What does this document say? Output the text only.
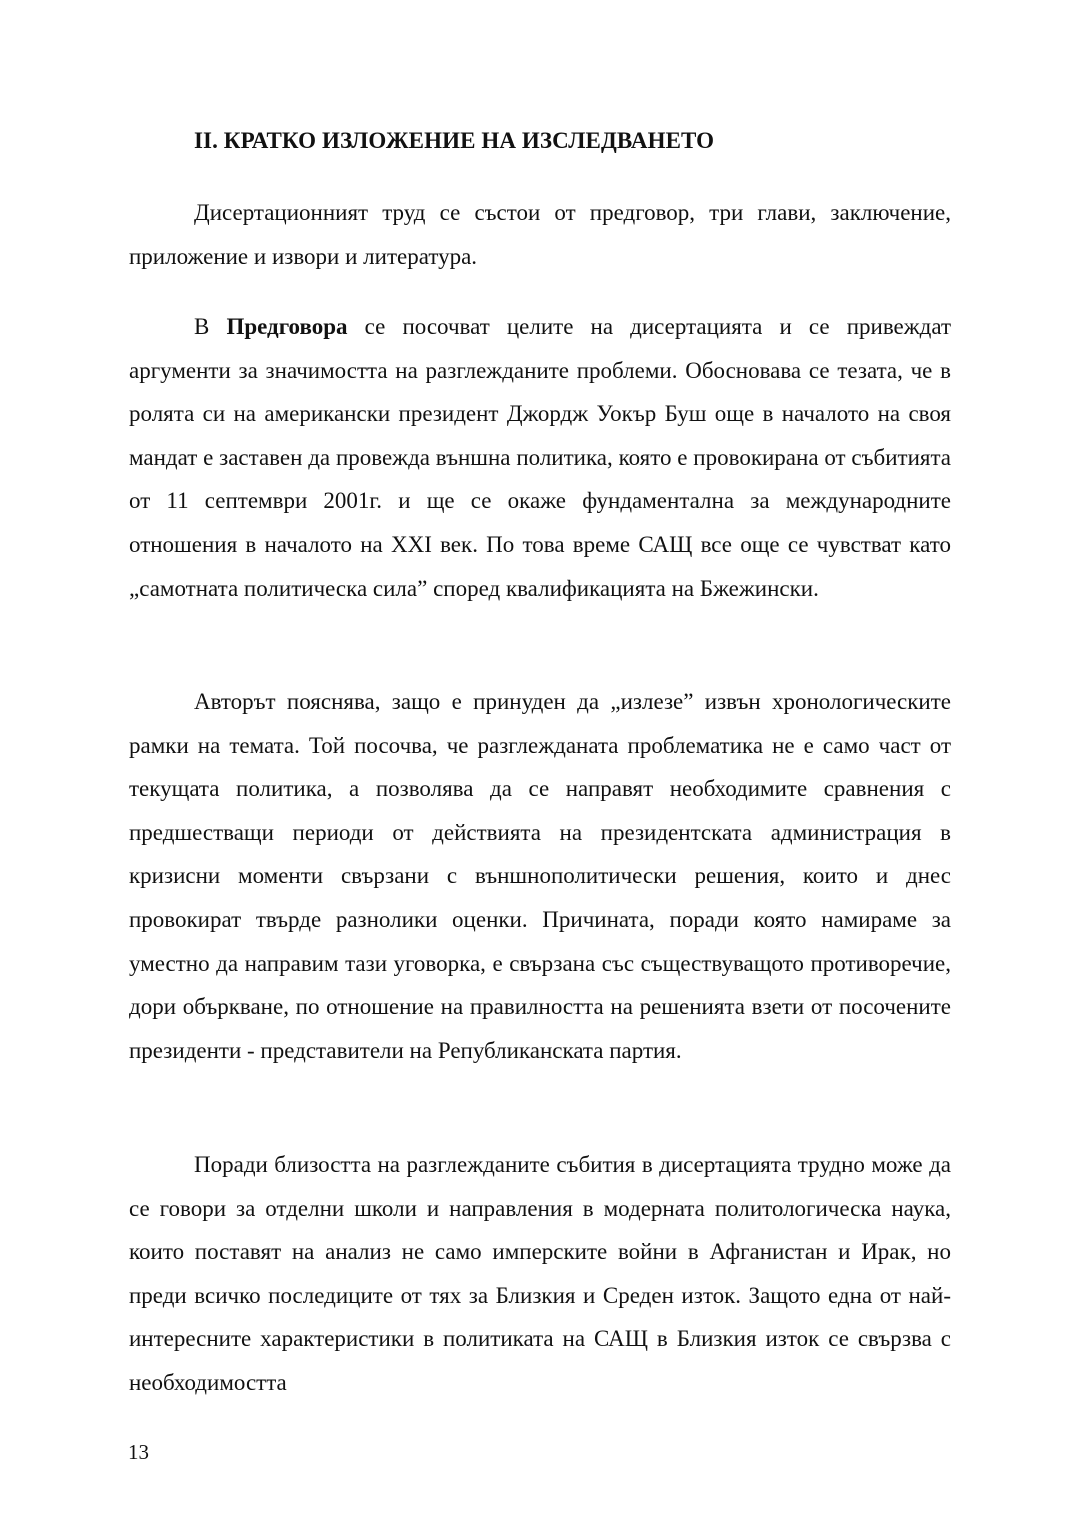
II. КРАТКО ИЗЛОЖЕНИЕ НА ИЗСЛЕДВАНЕТО

Дисертационният труд се състои от предговор, три глави, заключение, приложение и извори и литература.

В Предговора се посочват целите на дисертацията и се привеждат аргументи за значимостта на разглежданите проблеми. Обосновава се тезата, че в ролята си на американски президент Джордж Уокър Буш още в началото на своя мандат е заставен да провежда външна политика, която е провокирана от събитията от 11 септември 2001г. и ще се окаже фундаментална за международните отношения в началото на XXI век. По това време САЩ все още се чувстват като „самотната политическа сила” според квалификацията на Бжежински.

Авторът пояснява, защо е принуден да „излезе” извън хронологическите рамки на темата. Той посочва, че разглежданата проблематика не е само част от текущата политика, а позволява да се направят необходимите сравнения с предшестващи периоди от действията на президентската администрация в кризисни моменти свързани с външнополитически решения, които и днес провокират твърде разнолики оценки. Причината, поради която намираме за уместно да направим тази уговорка, е свързана със съществуващото противоречие, дори объркване, по отношение на правилността на решенията взети от посочените президенти - представители на Републиканската партия.

Поради близостта на разглежданите събития в дисертацията трудно може да се говори за отделни школи и направления в модерната политологическа наука, които поставят на анализ не само имперските войни в Афганистан и Ирак, но преди всичко последиците от тях за Близкия и Среден изток. Защото една от най-интересните характеристики в политиката на САЩ в Близкия изток се свързва с необходимостта

13
